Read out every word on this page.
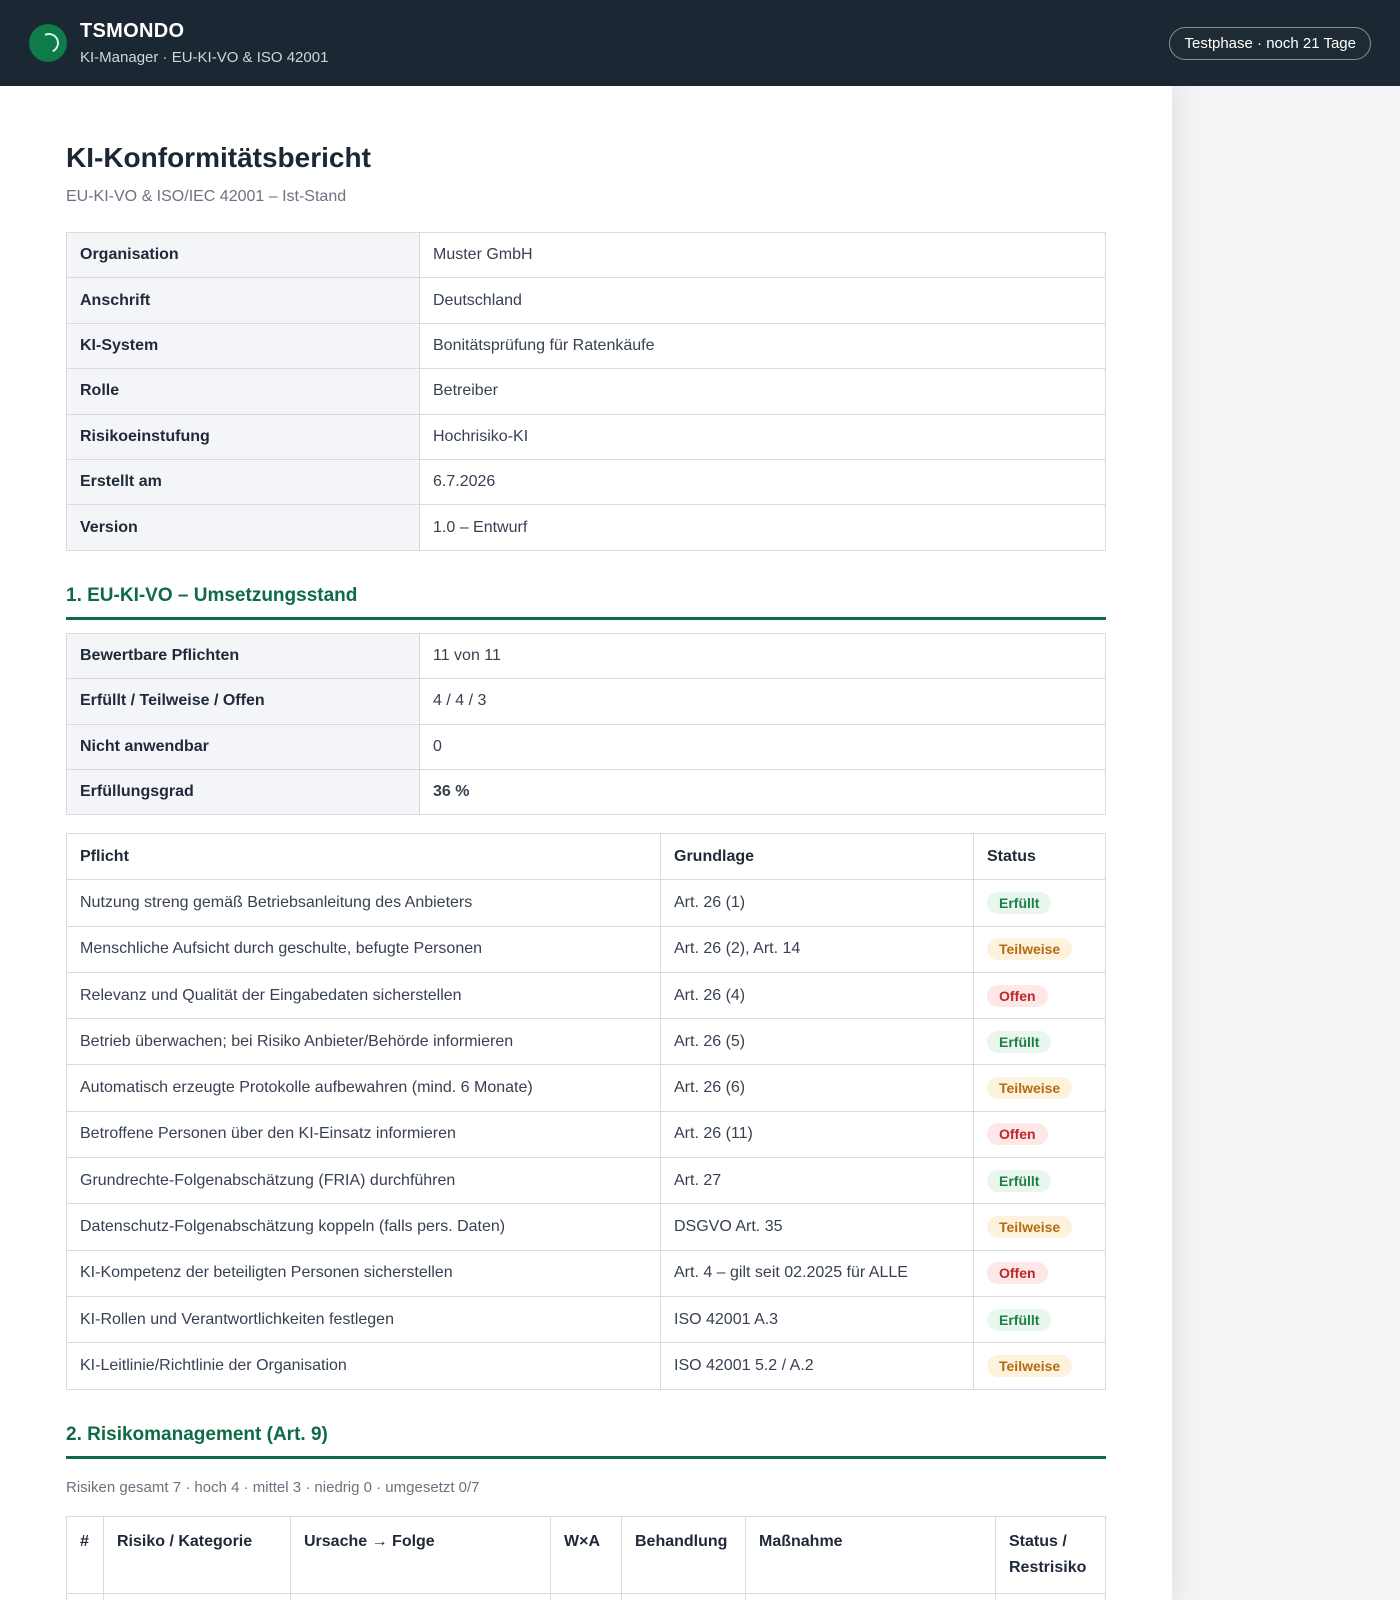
TSMONDO
KI-Manager · EU-KI-VO & ISO 42001
Testphase · noch 21 Tage
KI-Konformitätsbericht
EU-KI-VO & ISO/IEC 42001 – Ist-Stand
Organisation	Muster GmbH
Anschrift	Deutschland
KI-System	Bonitätsprüfung für Ratenkäufe
Rolle	Betreiber
Risikoeinstufung	Hochrisiko-KI
Erstellt am	6.7.2026
Version	1.0 – Entwurf
1. EU-KI-VO – Umsetzungsstand
Bewertbare Pflichten	11 von 11
Erfüllt / Teilweise / Offen	4 / 4 / 3
Nicht anwendbar	0
Erfüllungsgrad	36 %
Pflicht	Grundlage	Status
Nutzung streng gemäß Betriebsanleitung des Anbieters	Art. 26 (1)	Erfüllt
Menschliche Aufsicht durch geschulte, befugte Personen	Art. 26 (2), Art. 14	Teilweise
Relevanz und Qualität der Eingabedaten sicherstellen	Art. 26 (4)	Offen
Betrieb überwachen; bei Risiko Anbieter/Behörde informieren	Art. 26 (5)	Erfüllt
Automatisch erzeugte Protokolle aufbewahren (mind. 6 Monate)	Art. 26 (6)	Teilweise
Betroffene Personen über den KI-Einsatz informieren	Art. 26 (11)	Offen
Grundrechte-Folgenabschätzung (FRIA) durchführen	Art. 27	Erfüllt
Datenschutz-Folgenabschätzung koppeln (falls pers. Daten)	DSGVO Art. 35	Teilweise
KI-Kompetenz der beteiligten Personen sicherstellen	Art. 4 – gilt seit 02.2025 für ALLE	Offen
KI-Rollen und Verantwortlichkeiten festlegen	ISO 42001 A.3	Erfüllt
KI-Leitlinie/Richtlinie der Organisation	ISO 42001 5.2 / A.2	Teilweise
2. Risikomanagement (Art. 9)
Risiken gesamt 7 · hoch 4 · mittel 3 · niedrig 0 · umgesetzt 0/7
#	Risiko / Kategorie	Ursache → Folge	W×A	Behandlung	Maßnahme	Status /
Restrisiko
